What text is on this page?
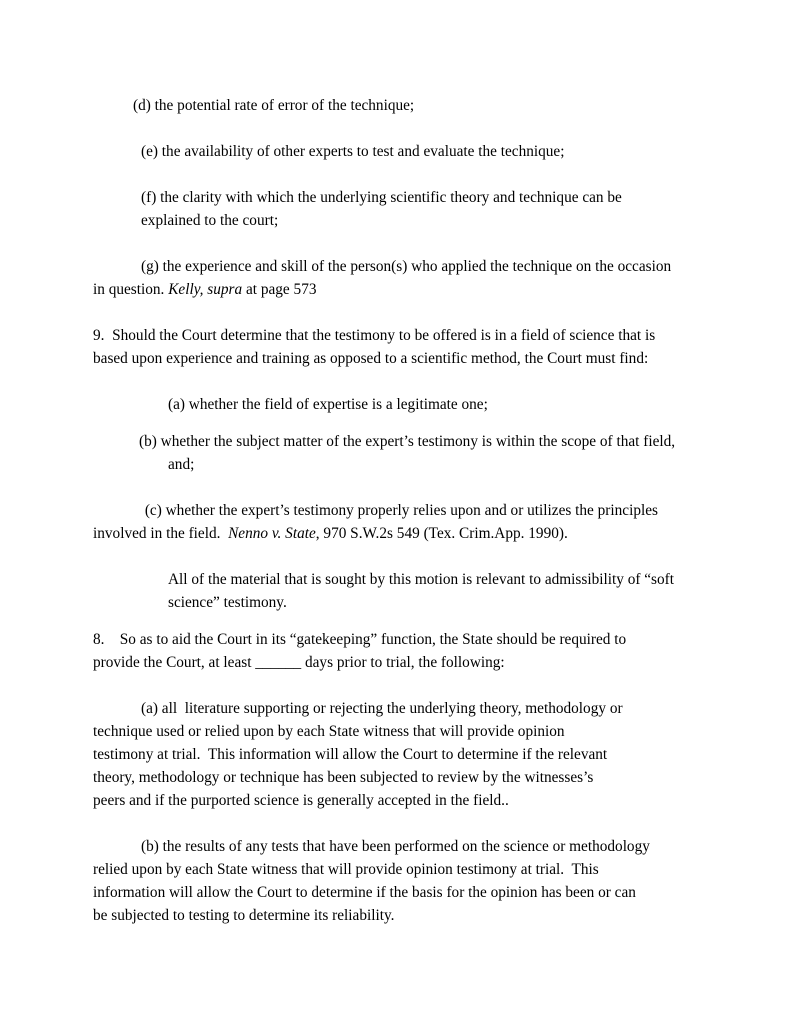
(d) the potential rate of error of the technique;
(e) the availability of other experts to test and evaluate the technique;
(f) the clarity with which the underlying scientific theory and technique can be
explained to the court;
(g) the experience and skill of the person(s) who applied the technique on the occasion
in question. Kelly, supra at page 573
9.  Should the Court determine that the testimony to be offered is in a field of science that is
based upon experience and training as opposed to a scientific method, the Court must find:
(a) whether the field of expertise is a legitimate one;
(b) whether the subject matter of the expert’s testimony is within the scope of that field,
and;
(c) whether the expert’s testimony properly relies upon and or utilizes the principles
involved in the field.  Nenno v. State, 970 S.W.2s 549 (Tex. Crim.App. 1990).
All of the material that is sought by this motion is relevant to admissibility of “soft
science” testimony.
8.    So as to aid the Court in its “gatekeeping” function, the State should be required to
provide the Court, at least ______ days prior to trial, the following:
(a) all  literature supporting or rejecting the underlying theory, methodology or
technique used or relied upon by each State witness that will provide opinion
testimony at trial.  This information will allow the Court to determine if the relevant
theory, methodology or technique has been subjected to review by the witnesses’s
peers and if the purported science is generally accepted in the field..
(b) the results of any tests that have been performed on the science or methodology
relied upon by each State witness that will provide opinion testimony at trial.  This
information will allow the Court to determine if the basis for the opinion has been or can
be subjected to testing to determine its reliability.
